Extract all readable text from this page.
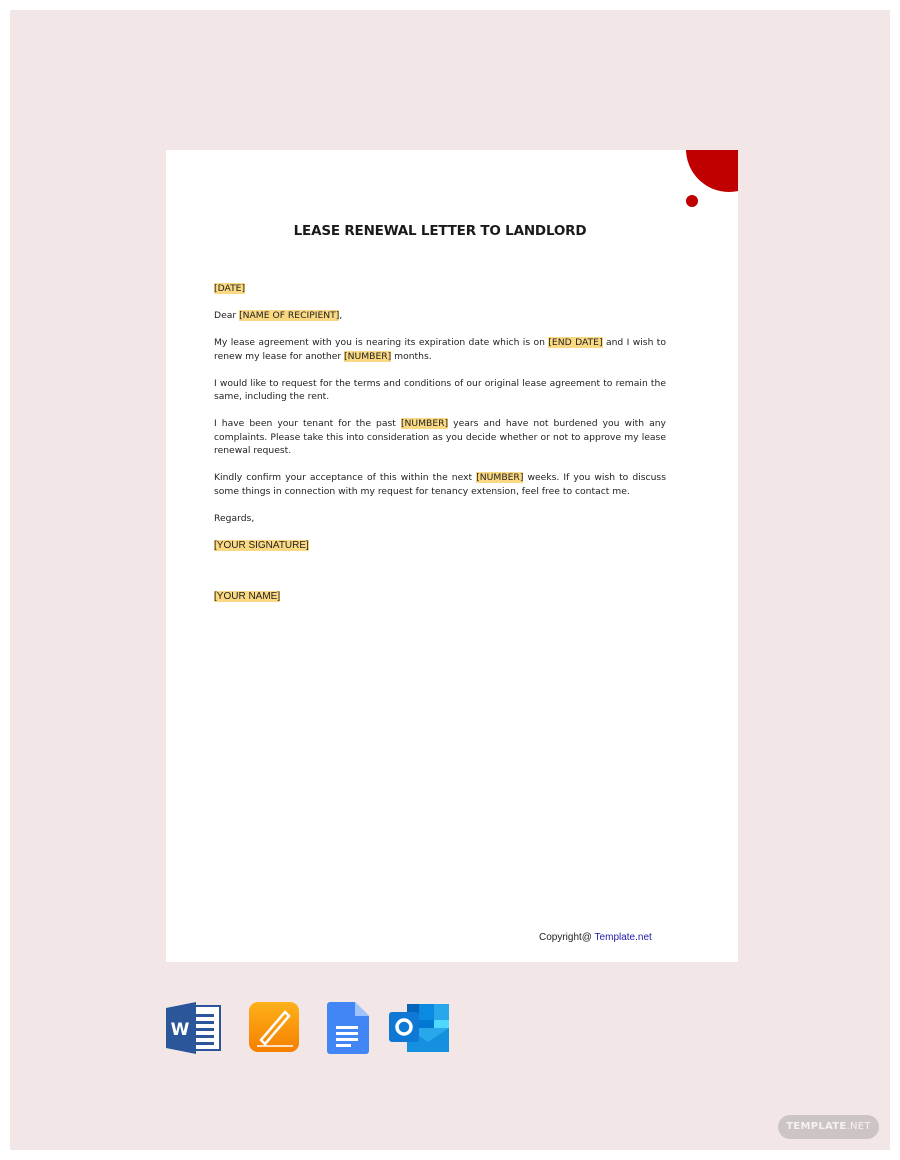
LEASE RENEWAL LETTER TO LANDLORD

[DATE]

Dear [NAME OF RECIPIENT],

My lease agreement with you is nearing its expiration date which is on [END DATE] and I wish to renew my lease for another [NUMBER] months.

I would like to request for the terms and conditions of our original lease agreement to remain the same, including the rent.

I have been your tenant for the past [NUMBER] years and have not burdened you with any complaints. Please take this into consideration as you decide whether or not to approve my lease renewal request.

Kindly confirm your acceptance of this within the next [NUMBER] weeks. If you wish to discuss some things in connection with my request for tenancy extension, feel free to contact me.

Regards,

[YOUR SIGNATURE]

[YOUR NAME]

Copyright@ Template.net
W
TEMPLATE.NET
